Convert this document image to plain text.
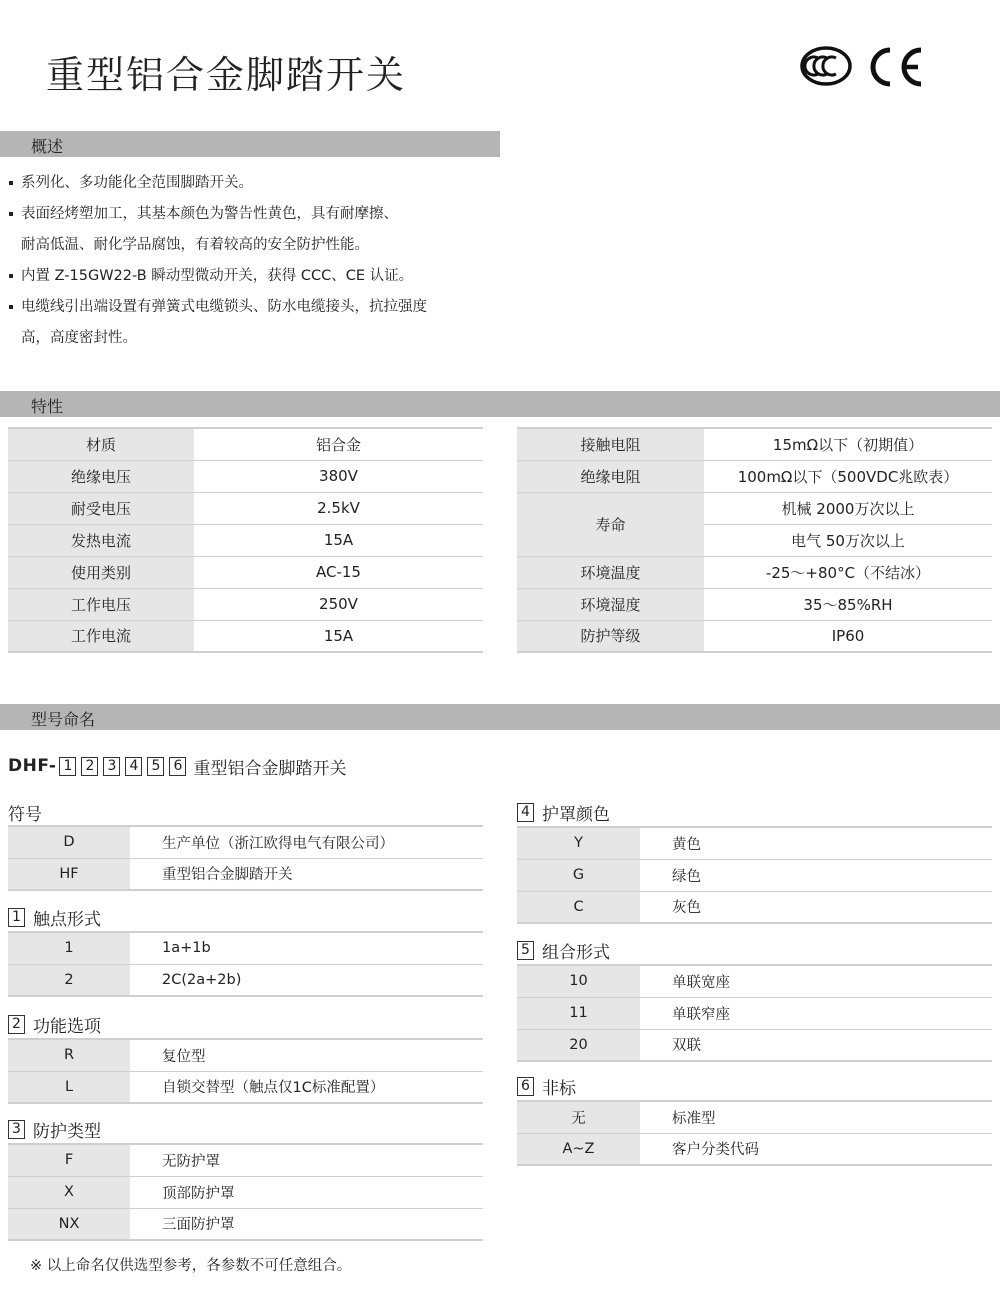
重型铝合金脚踏开关
概述
系列化、多功能化全范围脚踏开关。
表面经烤塑加工，其基本颜色为警告性黄色，具有耐摩擦、
耐高低温、耐化学品腐蚀，有着较高的安全防护性能。
内置 Z-15GW22-B 瞬动型微动开关，获得 CCC、CE 认证。
电缆线引出端设置有弹簧式电缆锁头、防水电缆接头，抗拉强度
高，高度密封性。
特性
材质	铝合金
绝缘电压	380V
耐受电压	2.5kV
发热电流	15A
使用类别	AC-15
工作电压	250V
工作电流	15A
接触电阻	15mΩ以下（初期值）
绝缘电阻	100mΩ以下（500VDC兆欧表）
寿命	机械 2000万次以上
	电气 50万次以上
环境温度	-25～+80°C（不结冰）
环境湿度	35～85%RH
防护等级	IP60
型号命名
DHF- 1 2 3 4 5 6 重型铝合金脚踏开关
符号
D	生产单位（浙江欧得电气有限公司）
HF	重型铝合金脚踏开关
1 触点形式
1	1a+1b
2	2C(2a+2b)
2 功能选项
R	复位型
L	自锁交替型（触点仅1C标准配置）
3 防护类型
F	无防护罩
X	顶部防护罩
NX	三面防护罩
4 护罩颜色
Y	黄色
G	绿色
C	灰色
5 组合形式
10	单联宽座
11	单联窄座
20	双联
6 非标
无	标准型
A~Z	客户分类代码
※ 以上命名仅供选型参考，各参数不可任意组合。
